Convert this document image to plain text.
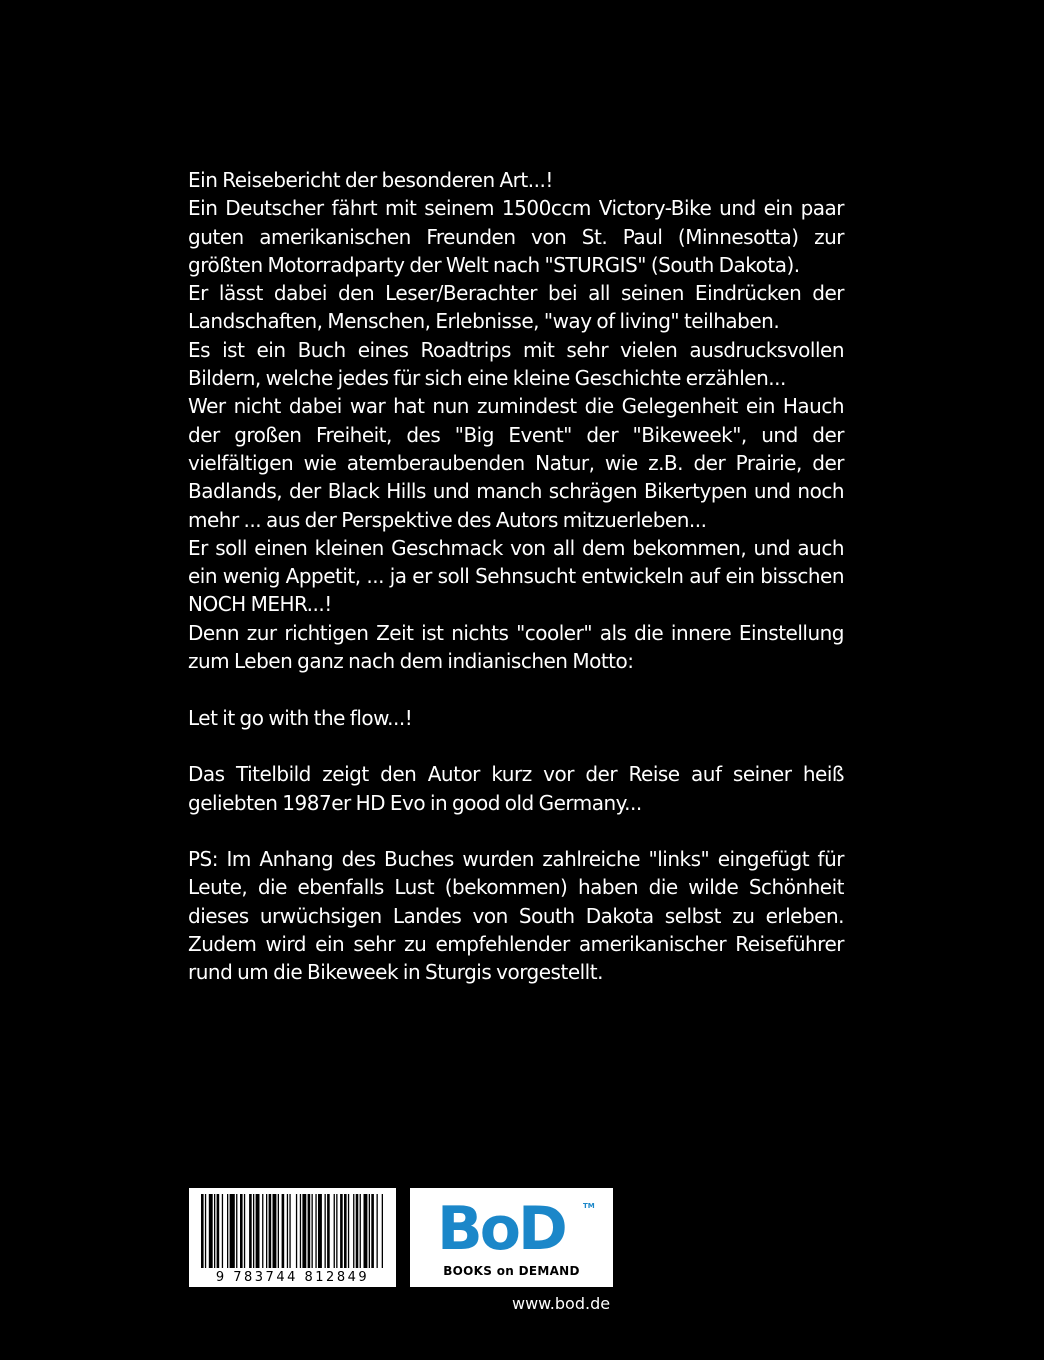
Ein Reisebericht der besonderen Art...!

Ein Deutscher fährt mit seinem 1500ccm Victory-Bike und ein paar guten amerikanischen Freunden von St. Paul (Minnesotta) zur größten Motorradparty der Welt nach "STURGIS" (South Dakota).

Er lässt dabei den Leser/Berachter bei all seinen Eindrücken der Landschaften, Menschen, Erlebnisse, "way of living" teilhaben.

Es ist ein Buch eines Roadtrips mit sehr vielen ausdrucksvollen Bildern, welche jedes für sich eine kleine Geschichte erzählen...

Wer nicht dabei war hat nun zumindest die Gelegenheit ein Hauch der großen Freiheit, des "Big Event" der "Bikeweek", und der vielfältigen wie atemberaubenden Natur, wie z.B. der Prairie, der Badlands, der Black Hills und manch schrägen Bikertypen und noch mehr ... aus der Perspektive des Autors mitzuerleben...

Er soll einen kleinen Geschmack von all dem bekommen, und auch ein wenig Appetit, ... ja er soll Sehnsucht entwickeln auf ein bisschen NOCH MEHR...!

Denn zur richtigen Zeit ist nichts "cooler" als die innere Einstellung zum Leben ganz nach dem indianischen Motto:

Let it go with the flow...!

Das Titelbild zeigt den Autor kurz vor der Reise auf seiner heiß geliebten 1987er HD Evo in good old Germany...

PS: Im Anhang des Buches wurden zahlreiche "links" eingefügt für Leute, die ebenfalls Lust (bekommen) haben die wilde Schönheit dieses urwüchsigen Landes von South Dakota selbst zu erleben. Zudem wird ein sehr zu empfehlender amerikanischer Reiseführer rund um die Bikeweek in Sturgis vorgestellt.

9 783744 812849
BoD	TM
BOOKS on DEMAND
www.bod.de
